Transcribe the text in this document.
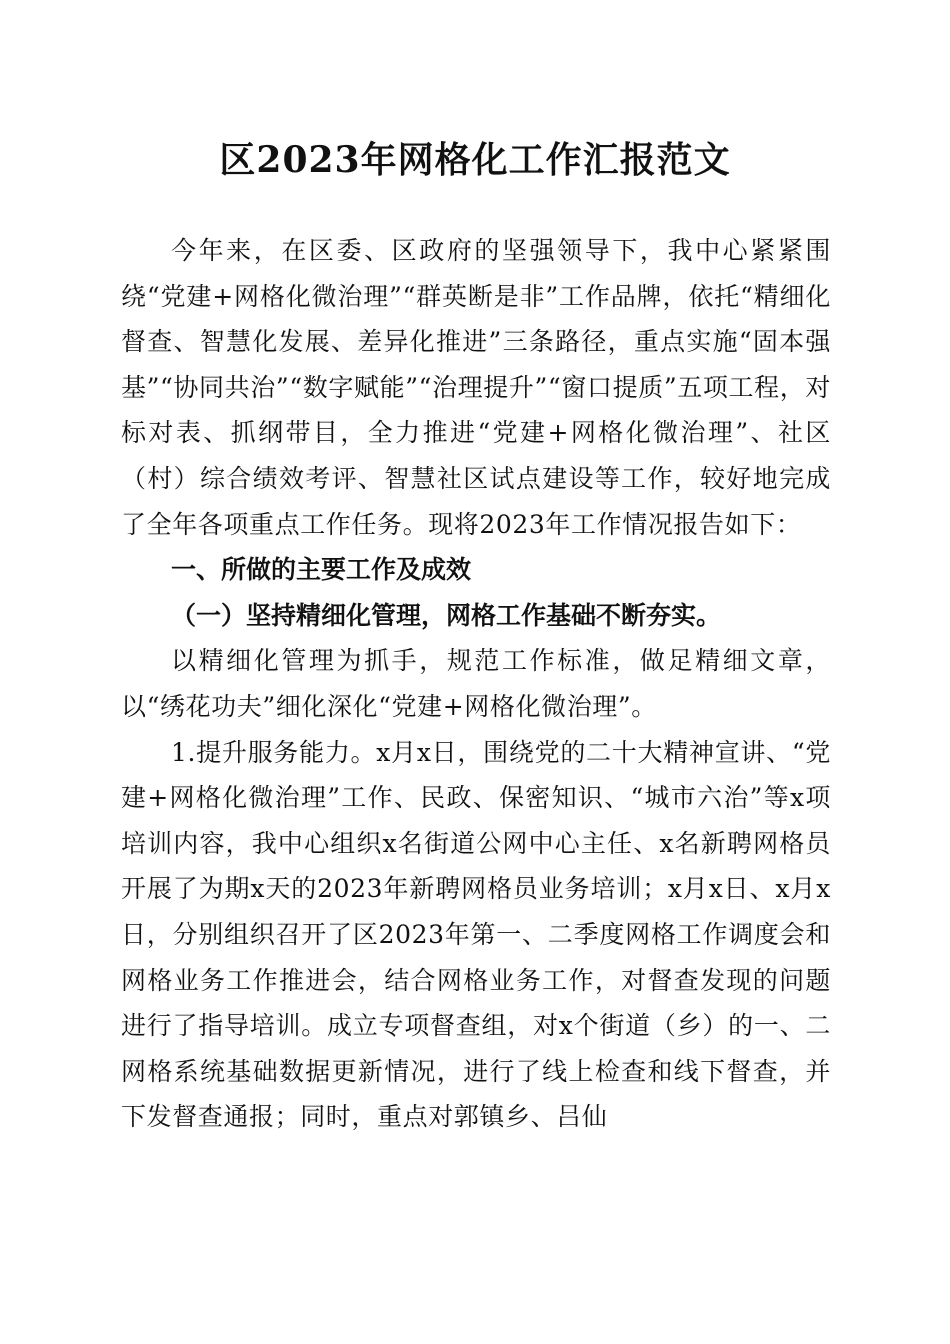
区2023年网格化工作汇报范文

今年来，在区委、区政府的坚强领导下，我中心紧紧围绕“党建+网格化微治理”“群英断是非”工作品牌，依托“精细化督查、智慧化发展、差异化推进”三条路径，重点实施“固本强基”“协同共治”“数字赋能”“治理提升”“窗口提质”五项工程，对标对表、抓纲带目，全力推进“党建+网格化微治理”、社区（村）综合绩效考评、智慧社区试点建设等工作，较好地完成了全年各项重点工作任务。现将2023年工作情况报告如下：

一、所做的主要工作及成效
（一）坚持精细化管理，网格工作基础不断夯实。

以精细化管理为抓手，规范工作标准，做足精细文章，以“绣花功夫”细化深化“党建+网格化微治理”。

1.提升服务能力。x月x日，围绕党的二十大精神宣讲、“党建+网格化微治理”工作、民政、保密知识、“城市六治”等x项培训内容，我中心组织x名街道公网中心主任、x名新聘网格员开展了为期x天的2023年新聘网格员业务培训；x月x日、x月x日，分别组织召开了区2023年第一、二季度网格工作调度会和网格业务工作推进会，结合网格业务工作，对督查发现的问题进行了指导培训。成立专项督查组，对x个街道（乡）的一、二网格系统基础数据更新情况，进行了线上检查和线下督查，并下发督查通报；同时，重点对郭镇乡、吕仙
